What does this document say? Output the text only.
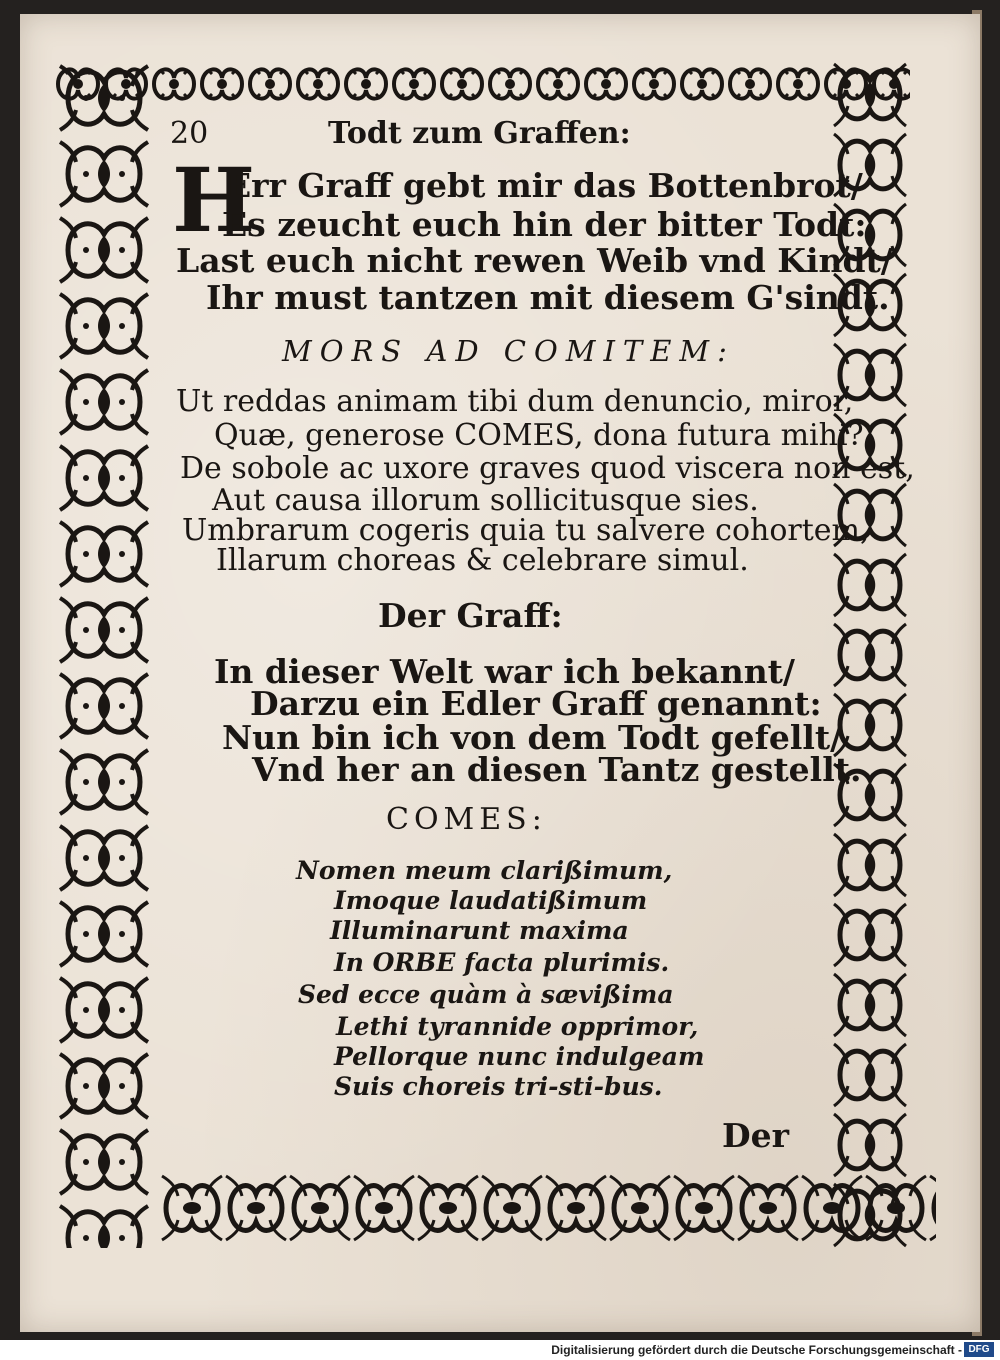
20	Todt zum Graffen:
H
Err Graff gebt mir das Bottenbrot/
Es zeucht euch hin der bitter Todt:
Last euch nicht rewen Weib vnd Kindt/
Ihr must tantzen mit diesem G'sindt.
MORS AD COMITEM:
Ut reddas animam tibi dum denuncio, miror,
Quæ, generose COMES, dona futura mihi?
De sobole ac uxore graves quod viscera non est,
Aut causa illorum sollicitusque sies.
Umbrarum cogeris quia tu salvere cohortem,
Illarum choreas & celebrare simul.
Der Graff:
In dieser Welt war ich bekannt/
Darzu ein Edler Graff genannt:
Nun bin ich von dem Todt gefellt/
Vnd her an diesen Tantz gestellt.
COMES:
Nomen meum clarißimum,
Imoque laudatißimum
Illuminarunt maxima
In ORBE facta plurimis.
Sed ecce quàm à sævißima
Lethi tyrannide opprimor,
Pellorque nunc indulgeam
Suis choreis tri-sti-bus.
Der
Digitalisierung gefördert durch die Deutsche Forschungsgemeinschaft - DFG
